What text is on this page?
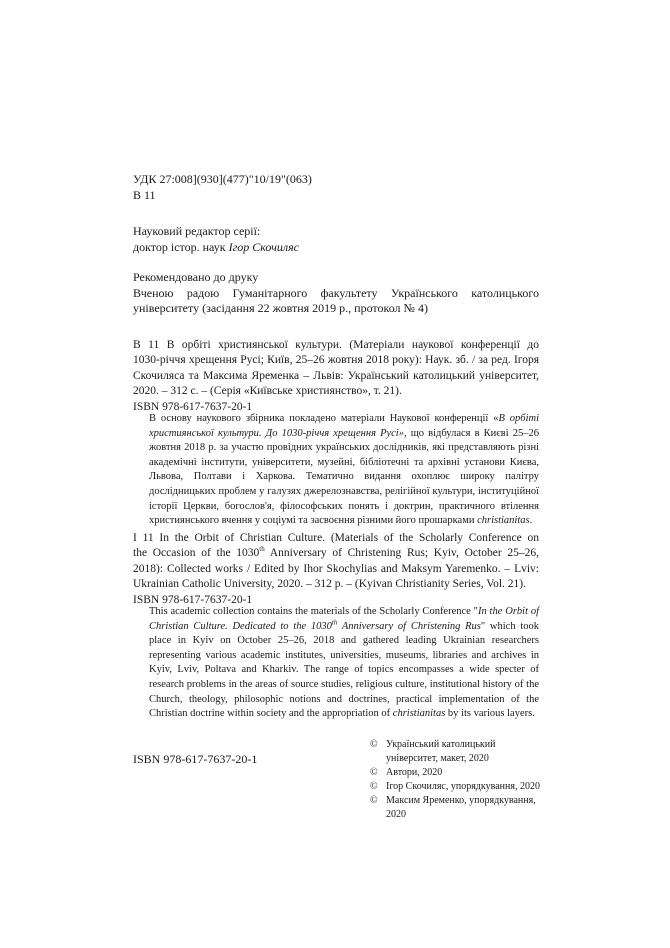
УДК 27:008](930](477)"10/19"(063)
В 11
Науковий редактор серії:
доктор істор. наук Ігор Скочиляс
Рекомендовано до друку
Вченою радою Гуманітарного факультету Українського католицького університету (засідання 22 жовтня 2019 р., протокол № 4)
В 11 В орбіті християнської культури. (Матеріали наукової конференції до
1030-річчя хрещення Русі; Київ, 25–26 жовтня 2018 року): Наук. зб. / за ред. Ігоря
Скочиляса та Максима Яременка – Львів: Український католицький університет,
2020. – 312 с. – (Серія «Київське християнство», т. 21).
ISBN 978-617-7637-20-1
В основу наукового збірника покладено матеріали Наукової конференції «В орбіті християнської культури. До 1030-річчя хрещення Русі», що відбулася в Києві 25–26 жовтня 2018 р. за участю провідних українських дослідників, які представляють різні академічні інститути, університети, музейні, бібліотечні та архівні установи Києва, Львова, Полтави і Харкова. Тематично видання охоплює широку палітру дослідницьких проблем у галузях джерелознавства, релігійної культури, інституційної історії Церкви, богослов'я, філософських понять і доктрин, практичного втілення християнського вчення у соціумі та засвоєння різними його прошарками christianitas.
I 11 In the Orbit of Christian Culture. (Materials of the Scholarly Conference on
the Occasion of the 1030th Anniversary of Christening Rus; Kyiv, October 25–26,
2018): Collected works / Edited by Ihor Skochylias and Maksym Yaremenko. – Lviv:
Ukrainian Catholic University, 2020. – 312 p. – (Kyivan Christianity Series, Vol. 21).
ISBN 978-617-7637-20-1
This academic collection contains the materials of the Scholarly Conference "In the Orbit of Christian Culture. Dedicated to the 1030th Anniversary of Christening Rus" which took place in Kyiv on October 25–26, 2018 and gathered leading Ukrainian researchers representing various academic institutes, universities, museums, libraries and archives in Kyiv, Lviv, Poltava and Kharkiv. The range of topics encompasses a wide specter of research problems in the areas of source studies, religious culture, institutional history of the Church, theology, philosophic notions and doctrines, practical implementation of the Christian doctrine within society and the appropriation of christianitas by its various layers.
© Український католицький університет, макет, 2020
© Автори, 2020
© Ігор Скочиляс, упорядкування, 2020
© Максим Яременко, упорядкування, 2020
ISBN 978-617-7637-20-1
